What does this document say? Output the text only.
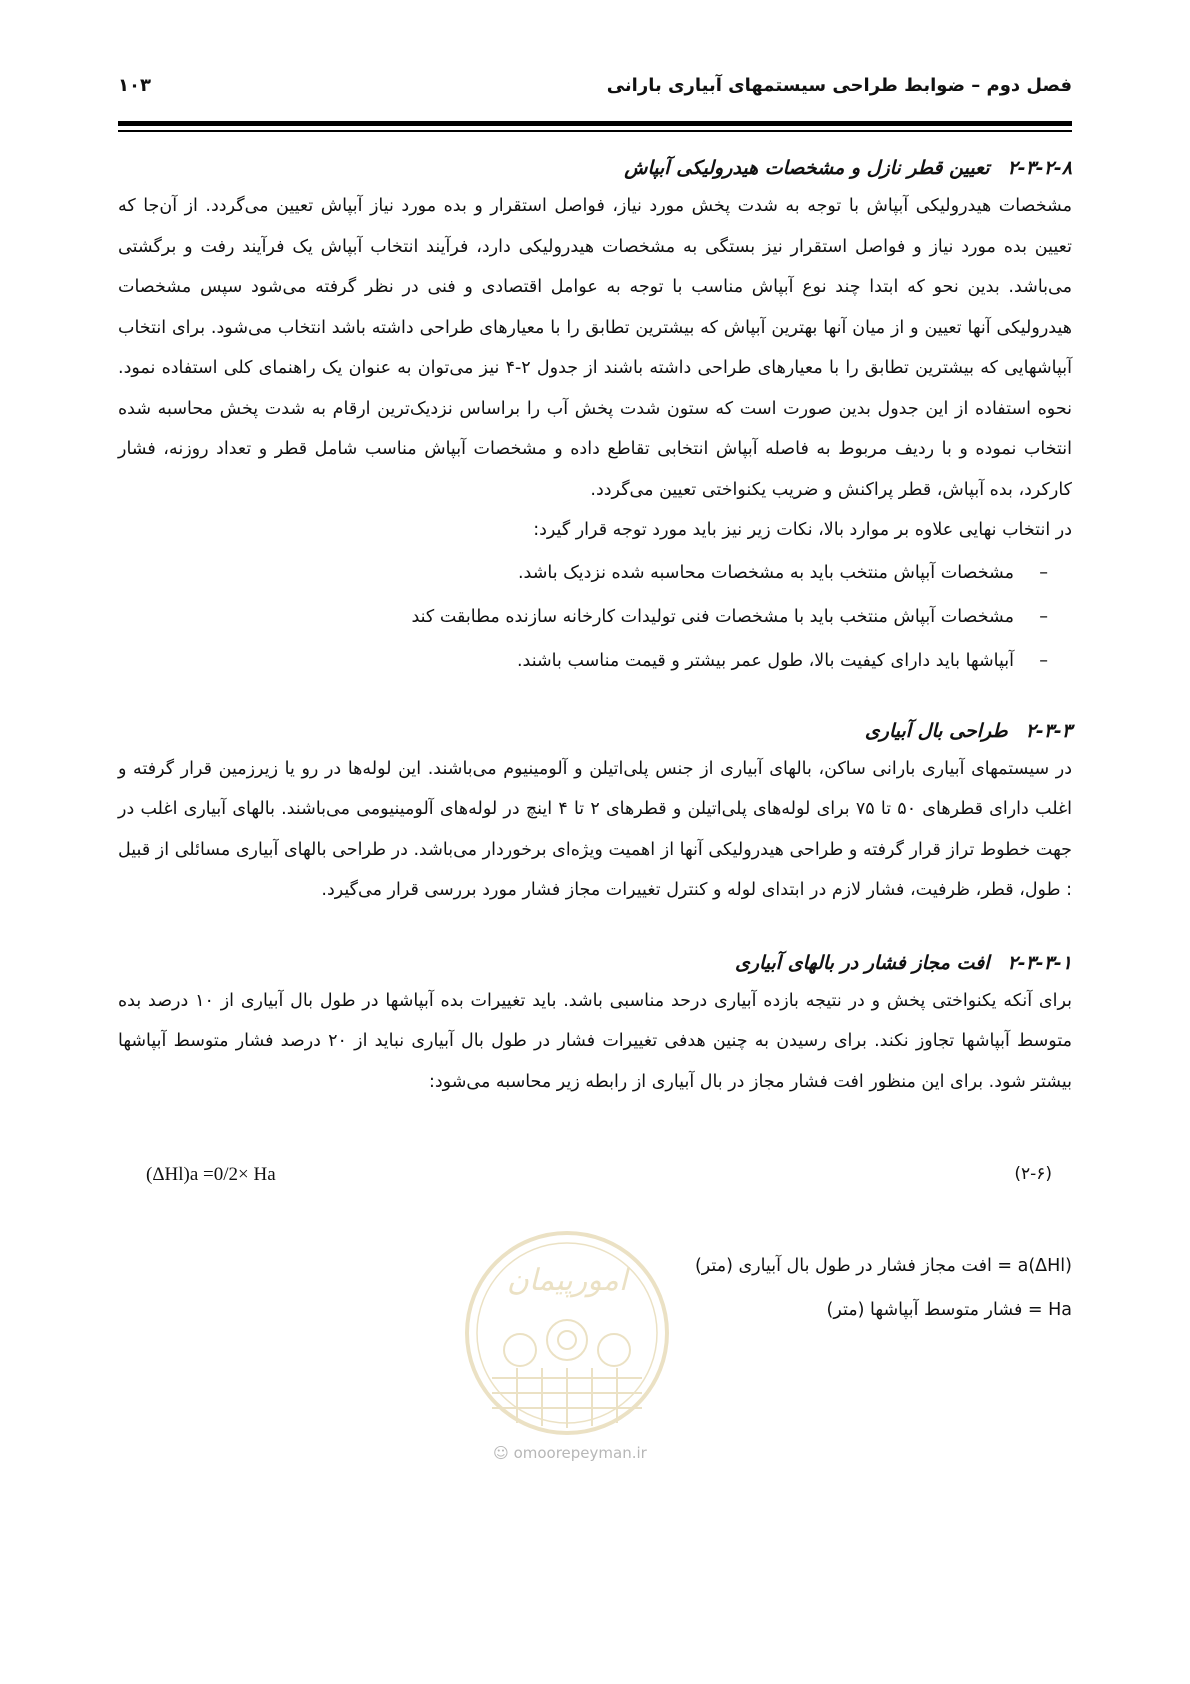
فصل دوم – ضوابط طراحی سیستمهای آبیاری بارانی
۱۰۳
۲-۳-۲-۸تعیین قطر نازل و مشخصات هیدرولیکی آبپاش

مشخصات هیدرولیکی آبپاش با توجه به شدت پخش مورد نیاز، فواصل استقرار و بده مورد نیاز آبپاش تعیین می‌گردد. از آن‌جا که تعیین بده مورد نیاز و فواصل استقرار نیز بستگی به مشخصات هیدرولیکی دارد، فرآیند انتخاب آبپاش یک فرآیند رفت و برگشتی می‌باشد. بدین نحو که ابتدا چند نوع آبپاش مناسب با توجه به عوامل اقتصادی و فنی در نظر گرفته می‌شود سپس مشخصات هیدرولیکی آنها تعیین و از میان آنها بهترین آبپاش که بیشترین تطابق را با معیارهای طراحی داشته باشد انتخاب می‌شود. برای انتخاب آبپاشهایی که بیشترین تطابق را با معیارهای طراحی داشته باشند از جدول ۲-۴ نیز می‌توان به عنوان یک راهنمای کلی استفاده نمود. نحوه استفاده از این جدول بدین صورت است که ستون شدت پخش آب را براساس نزدیک‌ترین ارقام به شدت پخش محاسبه شده انتخاب نموده و با ردیف مربوط به فاصله آبپاش انتخابی تقاطع داده و مشخصات آبپاش مناسب شامل قطر و تعداد روزنه، فشار کارکرد، بده آبپاش، قطر پراکنش و ضریب یکنواختی تعیین می‌گردد.

در انتخاب نهایی علاوه بر موارد بالا، نکات زیر نیز باید مورد توجه قرار گیرد:

–مشخصات آبپاش منتخب باید به مشخصات محاسبه شده نزدیک باشد.
–مشخصات آبپاش منتخب باید با مشخصات فنی تولیدات کارخانه سازنده مطابقت کند
–آبپاشها باید دارای کیفیت بالا، طول عمر بیشتر و قیمت مناسب باشند.
۲-۳-۳طراحی بال آبیاری

در سیستمهای آبیاری بارانی ساکن، بالهای آبیاری از جنس پلی‌اتیلن و آلومینیوم می‌باشند. این لوله‌ها در رو یا زیرزمین قرار گرفته و اغلب دارای قطرهای ۵۰ تا ۷۵ برای لوله‌های پلی‌اتیلن و قطرهای ۲ تا ۴ اینچ در لوله‌های آلومینیومی می‌باشند. بالهای آبیاری اغلب در جهت خطوط تراز قرار گرفته و طراحی هیدرولیکی آنها از اهمیت ویژه‌ای برخوردار می‌باشد. در طراحی بالهای آبیاری مسائلی از قبیل : طول، قطر، ظرفیت، فشار لازم در ابتدای لوله و کنترل تغییرات مجاز فشار مورد بررسی قرار می‌گیرد.

۲-۳-۳-۱افت مجاز فشار در بالهای آبیاری

برای آنکه یکنواختی پخش و در نتیجه بازده آبیاری درحد مناسبی باشد. باید تغییرات بده آبپاشها در طول بال آبیاری از ۱۰ درصد بده متوسط آبپاشها تجاوز نکند. برای رسیدن به چنین هدفی تغییرات فشار در طول بال آبیاری نباید از ۲۰ درصد فشار متوسط آبپاشها بیشتر شود. برای این منظور افت فشار مجاز در بال آبیاری از رابطه زیر محاسبه می‌شود:

(ΔHl)a =0/2× Ha	(۲-۶)
(ΔHl)a = افت مجاز فشار در طول بال آبیاری (متر)
Ha = فشار متوسط آبپاشها (متر)
امورپیمان
☺ omoorepeyman.ir
